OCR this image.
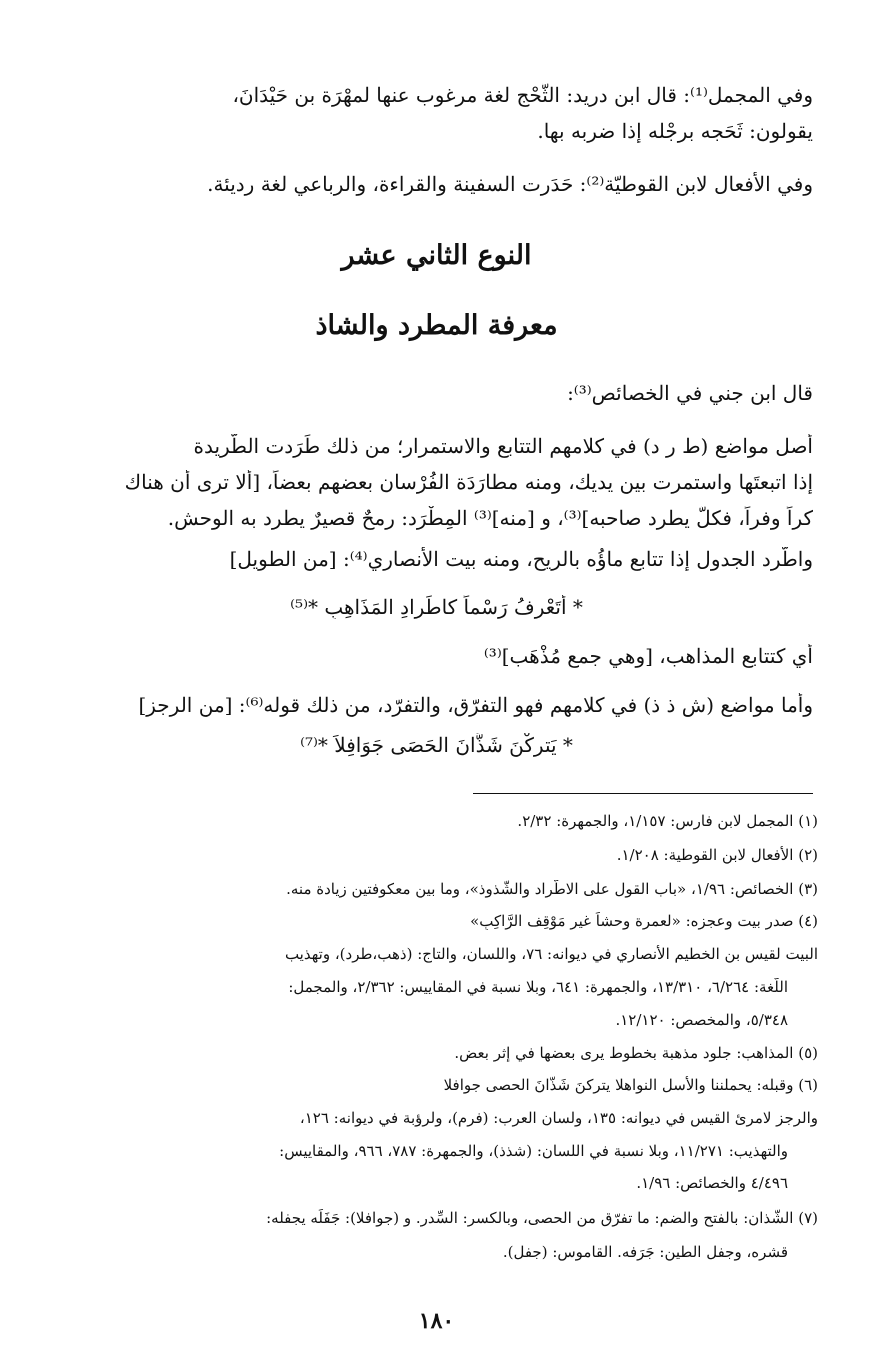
وفي المجمل⁽¹⁾: قال ابن دريد: الثَّحْج لغة مرغوب عنها لمهْرَة بن حَيْدَانَ،
يقولون: ثَحَجه برجْله إذا ضربه بها.
وفي الأفعال لابن القوطيّة⁽²⁾: حَدَرت السفينة والقراءة، والرباعي لغة رديئة.
النوع الثاني عشر
معرفة المطرد والشاذ
قال ابن جني في الخصائص⁽³⁾:
أصل مواضع (ط ر د) في كلامهم التتابع والاستمرار؛ من ذلك طَرَدت الطَّريدة
إذا اتبعتَها واستمرت بين يديك، ومنه مطارَدَة الفُرْسان بعضهم بعضاً، [ألا ترى أن هناك
كراً وفراً، فكلٌّ يطرد صاحبه]⁽³⁾، و [منه]⁽³⁾ المِطْرَد: رمحٌ قصيرٌ يطرد به الوحش.
واطَّرد الجدول إذا تتابع ماؤُه بالريح، ومنه بيت الأنصاري⁽⁴⁾: [من الطويل]
* أتَعْرِفُ رَسْماً كاطِّرادِ المَذَاهِبِ *⁽⁵⁾
أي كتتابع المذاهب، [وهي جمع مُذْهَب]⁽³⁾
وأما مواضع (ش ذ ذ) في كلامهم فهو التفرّق، والتفرّد، من ذلك قوله⁽⁶⁾: [من الرجز]
* يَتركْنَ شَذَّانَ الحَصَى جَوَافِلاَ *⁽⁷⁾
(١) المجمل لابن فارس: ١/١٥٧، والجمهرة: ٢/٣٢.
(٢) الأفعال لابن القوطية: ١/٢٠٨.
(٣) الخصائص: ١/٩٦، «باب القول على الاطّراد والشّذوذ»، وما بين معكوفتين زيادة منه.
(٤) صدر بيت وعجزه: «لعمرة وحشاً غير مَوْقِف الرَّاكِبِ»
البيت لقيس بن الخطيم الأنصاري في ديوانه: ٧٦، واللسان، والتاج: (ذهب،طرد)، وتهذيب
اللّغة: ٦/٢٦٤، ١٣/٣١٠، والجمهرة: ٦٤١، وبلا نسبة في المقاييس: ٢/٣٦٢، والمجمل:
٥/٣٤٨، والمخصص: ١٢/١٢٠.
(٥) المذاهب: جلود مذهبة بخطوط يرى بعضها في إثر بعض.
(٦) وقبله: يحملننا والأسل النواهلا يتركنَ شَذَّانَ الحصى جوافلا
والرجز لامرئ القيس في ديوانه: ١٣٥، ولسان العرب: (فرم)، ولرؤبة في ديوانه: ١٢٦،
والتهذيب: ١١/٢٧١، وبلا نسبة في اللسان: (شذذ)، والجمهرة: ٧٨٧، ٩٦٦، والمقاييس:
٤/٤٩٦ والخصائص: ١/٩٦.
(٧) الشَّذان: بالفتح والضم: ما تفرّق من الحصى، وبالكسر: السِّدر. و (جوافلا): جَفَلَه يجفله:
قشره، وجفل الطين: جَرَفه. القاموس: (جفل).
١٨٠
